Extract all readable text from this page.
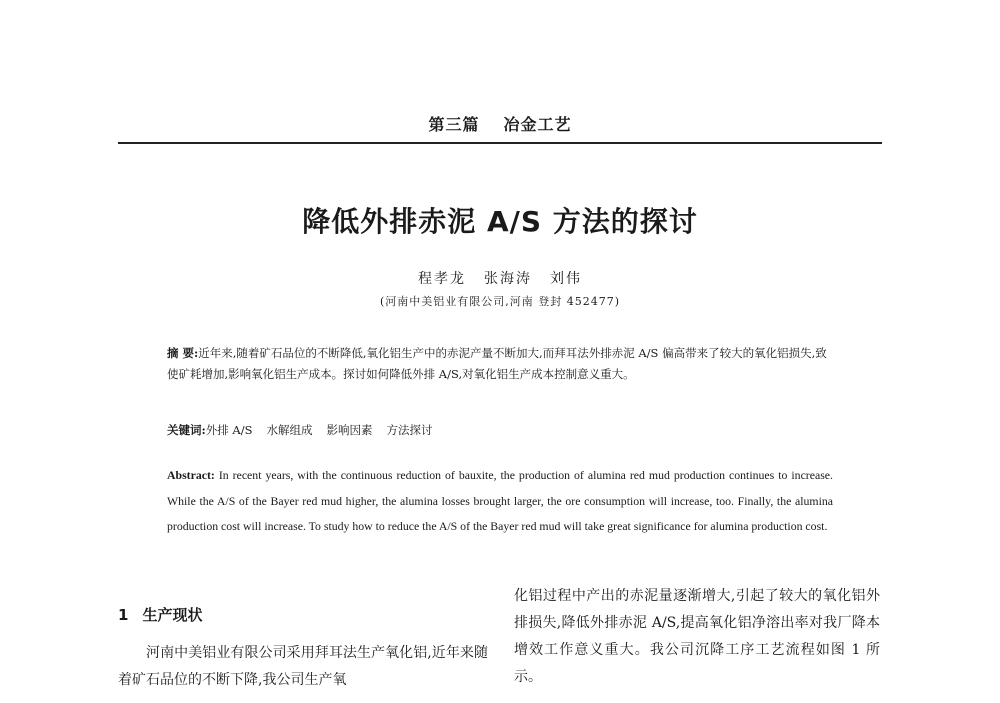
第三篇 冶金工艺
降低外排赤泥 A/S 方法的探讨
程孝龙 张海涛 刘伟
(河南中美铝业有限公司,河南 登封 452477)
摘 要:近年来,随着矿石品位的不断降低,氧化铝生产中的赤泥产量不断加大,而拜耳法外排赤泥 A/S 偏高带来了较大的氧化铝损失,致使矿耗增加,影响氧化铝生产成本。探讨如何降低外排 A/S,对氧化铝生产成本控制意义重大。
关键词:外排 A/S 水解组成 影响因素 方法探讨
Abstract: In recent years, with the continuous reduction of bauxite, the production of alumina red mud production continues to increase. While the A/S of the Bayer red mud higher, the alumina losses brought larger, the ore consumption will increase, too. Finally, the alumina production cost will increase. To study how to reduce the A/S of the Bayer red mud will take great significance for alumina production cost.
1 生产现状
河南中美铝业有限公司采用拜耳法生产氧化铝,近年来随着矿石品位的不断下降,我公司生产氧
化铝过程中产出的赤泥量逐渐增大,引起了较大的氧化铝外排损失,降低外排赤泥 A/S,提高氧化铝净溶出率对我厂降本增效工作意义重大。我公司沉降工序工艺流程如图 1 所示。
